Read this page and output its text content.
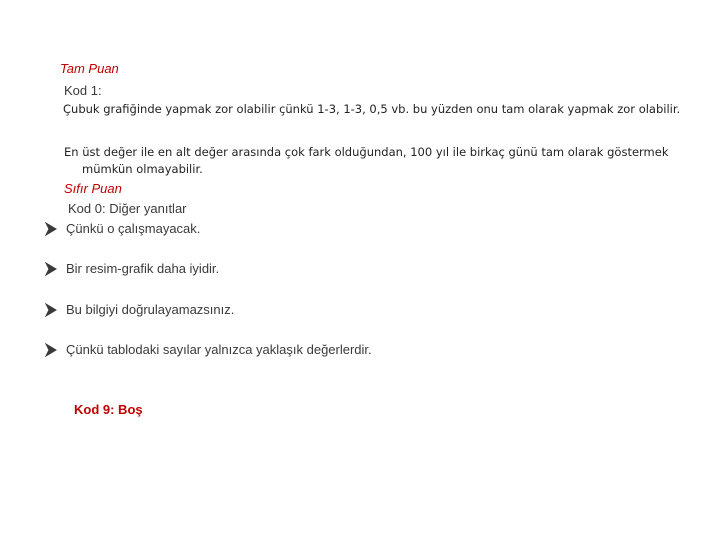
Tam Puan
Kod 1:
Çubuk grafiğinde yapmak zor olabilir çünkü 1-3, 1-3, 0,5 vb. bu yüzden onu tam olarak yapmak zor olabilir.
En üst değer ile en alt değer arasında çok fark olduğundan, 100 yıl ile birkaç günü tam olarak göstermek
mümkün olmayabilir.
Sıfır Puan
Kod 0: Diğer yanıtlar
Çünkü o çalışmayacak.
Bir resim-grafik daha iyidir.
Bu bilgiyi doğrulayamazsınız.
Çünkü tablodaki sayılar yalnızca yaklaşık değerlerdir.
Kod 9: Boş
